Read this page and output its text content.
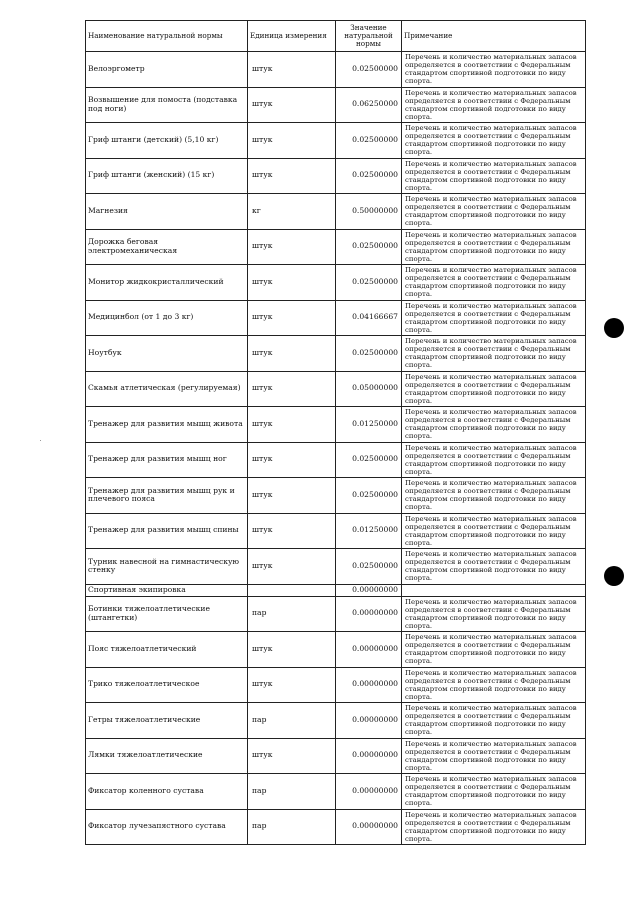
Наименование натуральной нормы	Единица измерения	Значение натуральной нормы	Примечание
Велоэргометр	штук	0.02500000	Перечень и количество материальных запасов определяется в соответствии с Федеральным стандартом спортивной подготовки по виду спорта.
Возвышение для помоста (подставка под ноги)	штук	0.06250000	Перечень и количество материальных запасов определяется в соответствии с Федеральным стандартом спортивной подготовки по виду спорта.
Гриф штанги (детский) (5,10 кг)	штук	0.02500000	Перечень и количество материальных запасов определяется в соответствии с Федеральным стандартом спортивной подготовки по виду спорта.
Гриф штанги (женский) (15 кг)	штук	0.02500000	Перечень и количество материальных запасов определяется в соответствии с Федеральным стандартом спортивной подготовки по виду спорта.
Магнезия	кг	0.50000000	Перечень и количество материальных запасов определяется в соответствии с Федеральным стандартом спортивной подготовки по виду спорта.
Дорожка беговая электромеханическая	штук	0.02500000	Перечень и количество материальных запасов определяется в соответствии с Федеральным стандартом спортивной подготовки по виду спорта.
Монитор жидкокристаллический	штук	0.02500000	Перечень и количество материальных запасов определяется в соответствии с Федеральным стандартом спортивной подготовки по виду спорта.
Медицинбол (от 1 до 3 кг)	штук	0.04166667	Перечень и количество материальных запасов определяется в соответствии с Федеральным стандартом спортивной подготовки по виду спорта.
Ноутбук	штук	0.02500000	Перечень и количество материальных запасов определяется в соответствии с Федеральным стандартом спортивной подготовки по виду спорта.
Скамья атлетическая (регулируемая)	штук	0.05000000	Перечень и количество материальных запасов определяется в соответствии с Федеральным стандартом спортивной подготовки по виду спорта.
Тренажер для развития мышц живота	штук	0.01250000	Перечень и количество материальных запасов определяется в соответствии с Федеральным стандартом спортивной подготовки по виду спорта.
Тренажер для развития мышц ног	штук	0.02500000	Перечень и количество материальных запасов определяется в соответствии с Федеральным стандартом спортивной подготовки по виду спорта.
Тренажер для развития мышц рук и плечевого пояса	штук	0.02500000	Перечень и количество материальных запасов определяется в соответствии с Федеральным стандартом спортивной подготовки по виду спорта.
Тренажер для развития мышц спины	штук	0.01250000	Перечень и количество материальных запасов определяется в соответствии с Федеральным стандартом спортивной подготовки по виду спорта.
Турник навесной на гимнастическую стенку	штук	0.02500000	Перечень и количество материальных запасов определяется в соответствии с Федеральным стандартом спортивной подготовки по виду спорта.
Спортивная экипировка		0.00000000	
Ботинки тяжелоатлетические (штангетки)	пар	0.00000000	Перечень и количество материальных запасов определяется в соответствии с Федеральным стандартом спортивной подготовки по виду спорта.
Пояс тяжелоатлетический	штук	0.00000000	Перечень и количество материальных запасов определяется в соответствии с Федеральным стандартом спортивной подготовки по виду спорта.
Трико тяжелоатлетическое	штук	0.00000000	Перечень и количество материальных запасов определяется в соответствии с Федеральным стандартом спортивной подготовки по виду спорта.
Гетры тяжелоатлетические	пар	0.00000000	Перечень и количество материальных запасов определяется в соответствии с Федеральным стандартом спортивной подготовки по виду спорта.
Лямки тяжелоатлетические	штук	0.00000000	Перечень и количество материальных запасов определяется в соответствии с Федеральным стандартом спортивной подготовки по виду спорта.
Фиксатор коленного сустава	пар	0.00000000	Перечень и количество материальных запасов определяется в соответствии с Федеральным стандартом спортивной подготовки по виду спорта.
Фиксатор лучезапястного сустава	пар	0.00000000	Перечень и количество материальных запасов определяется в соответствии с Федеральным стандартом спортивной подготовки по виду спорта.
